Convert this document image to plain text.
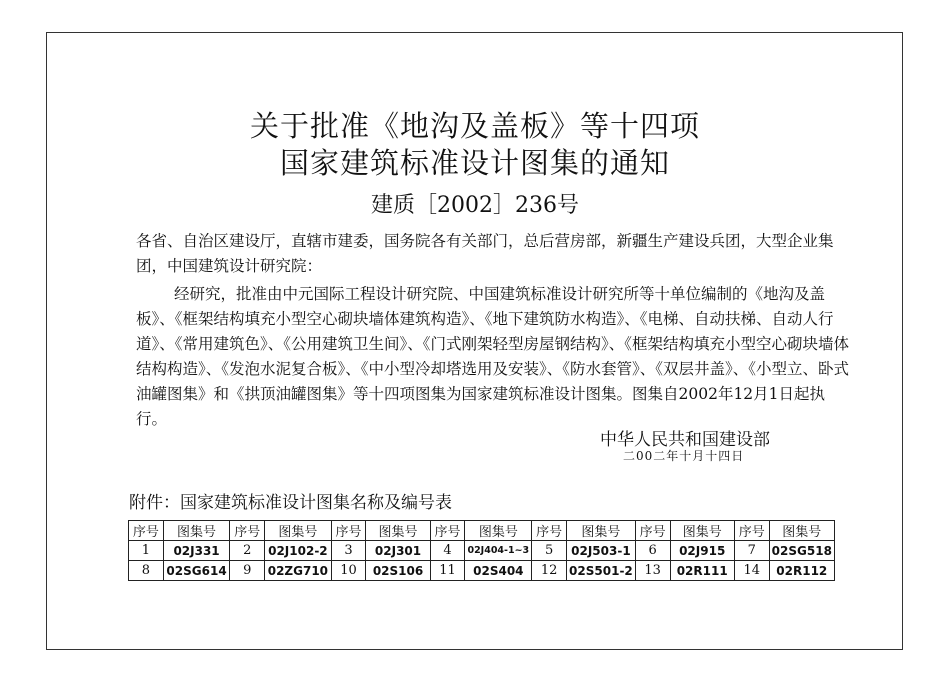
关于批准《地沟及盖板》等十四项
国家建筑标准设计图集的通知
建质［2002］236号
各省、自治区建设厅，直辖市建委，国务院各有关部门，总后营房部，新疆生产建设兵团，大型企业集团，中国建筑设计研究院：
经研究，批准由中元国际工程设计研究院、中国建筑标准设计研究所等十单位编制的《地沟及盖板》、《框架结构填充小型空心砌块墙体建筑构造》、《地下建筑防水构造》、《电梯、自动扶梯、自动人行道》、《常用建筑色》、《公用建筑卫生间》、《门式刚架轻型房屋钢结构》、《框架结构填充小型空心砌块墙体结构构造》、《发泡水泥复合板》、《中小型冷却塔选用及安装》、《防水套管》、《双层井盖》、《小型立、卧式油罐图集》和《拱顶油罐图集》等十四项图集为国家建筑标准设计图集。图集自2002年12月1日起执行。
中华人民共和国建设部
二00二年十月十四日
附件：国家建筑标准设计图集名称及编号表
序号	图集号	序号	图集号	序号	图集号	序号	图集号	序号	图集号	序号	图集号	序号	图集号
1	02J331	2	02J102-2	3	02J301	4	02J404-1~3	5	02J503-1	6	02J915	7	02SG518
8	02SG614	9	02ZG710	10	02S106	11	02S404	12	02S501-2	13	02R111	14	02R112
